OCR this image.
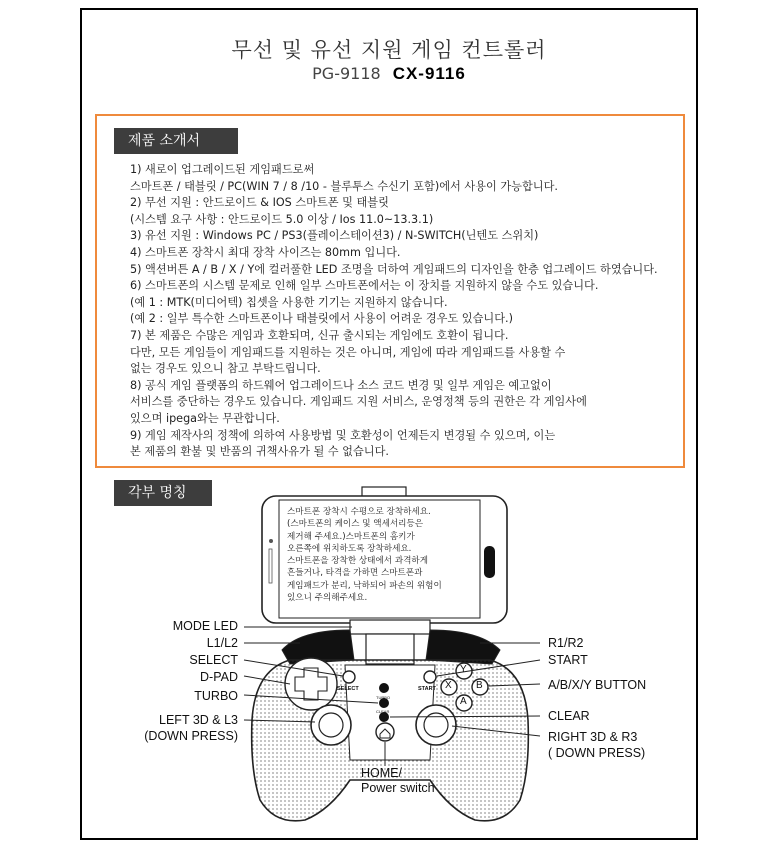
무선 및 유선 지원 게임 컨트롤러
PG-9118 CX-9116
제품 소개서
1) 새로이 업그레이드된 게임패드로써
스마트폰 / 태블릿 / PC(WIN 7 / 8 /10 - 블루투스 수신기 포함)에서 사용이 가능합니다.
2) 무선 지원 : 안드로이드 & IOS 스마트폰 및 태블릿
(시스템 요구 사항 : 안드로이드 5.0 이상 / Ios 11.0~13.3.1)
3) 유선 지원 : Windows PC / PS3(플레이스테이션3) / N-SWITCH(닌텐도 스위치)
4) 스마트폰 장착시 최대 장착 사이즈는 80mm 입니다.
5) 액션버튼 A / B / X / Y에 컬러풀한 LED 조명을 더하여 게임패드의 디자인을 한층 업그레이드 하였습니다.
6) 스마트폰의 시스템 문제로 인해 일부 스마트폰에서는 이 장치를 지원하지 않을 수도 있습니다.
(예 1 : MTK(미디어텍) 칩셋을 사용한 기기는 지원하지 않습니다.
(예 2 : 일부 특수한 스마트폰이나 태블릿에서 사용이 어려운 경우도 있습니다.)
7) 본 제품은 수많은 게임과 호환되며, 신규 출시되는 게임에도 호환이 됩니다.
다만, 모든 게임들이 게임패드를 지원하는 것은 아니며, 게임에 따라 게임패드를 사용할 수
없는 경우도 있으니 참고 부탁드립니다.
8) 공식 게임 플랫폼의 하드웨어 업그레이드나 소스 코드 변경 및 일부 게임은 예고없이
서비스를 중단하는 경우도 있습니다. 게임패드 지원 서비스, 운영정책 등의 권한은 각 게임사에
있으며 ipega와는 무관합니다.
9) 게임 제작사의 정책에 의하여 사용방법 및 호환성이 언제든지 변경될 수 있으며, 이는
본 제품의 환불 및 반품의 귀책사유가 될 수 없습니다.
각부 명칭
SELECT	START
TURBO
CLEAR
Y
X B
A
스마트폰 장착시 수평으로 장착하세요.
(스마트폰의 케이스 및 액세서리등은
제거해 주세요.)스마트폰의 홈키가
오른쪽에 위치하도록 장착하세요.
스마트폰을 장착한 상태에서 과격하게
흔들거나, 타격을 가하면 스마트폰과
게임패드가 분리, 낙하되어 파손의 위험이
있으니 주의해주세요.
MODE LED
L1/L2
SELECT
D-PAD
TURBO
LEFT 3D & L3
(DOWN PRESS)
R1/R2
START
A/B/X/Y BUTTON
CLEAR
RIGHT 3D & R3
( DOWN PRESS)
HOME/
Power switch
